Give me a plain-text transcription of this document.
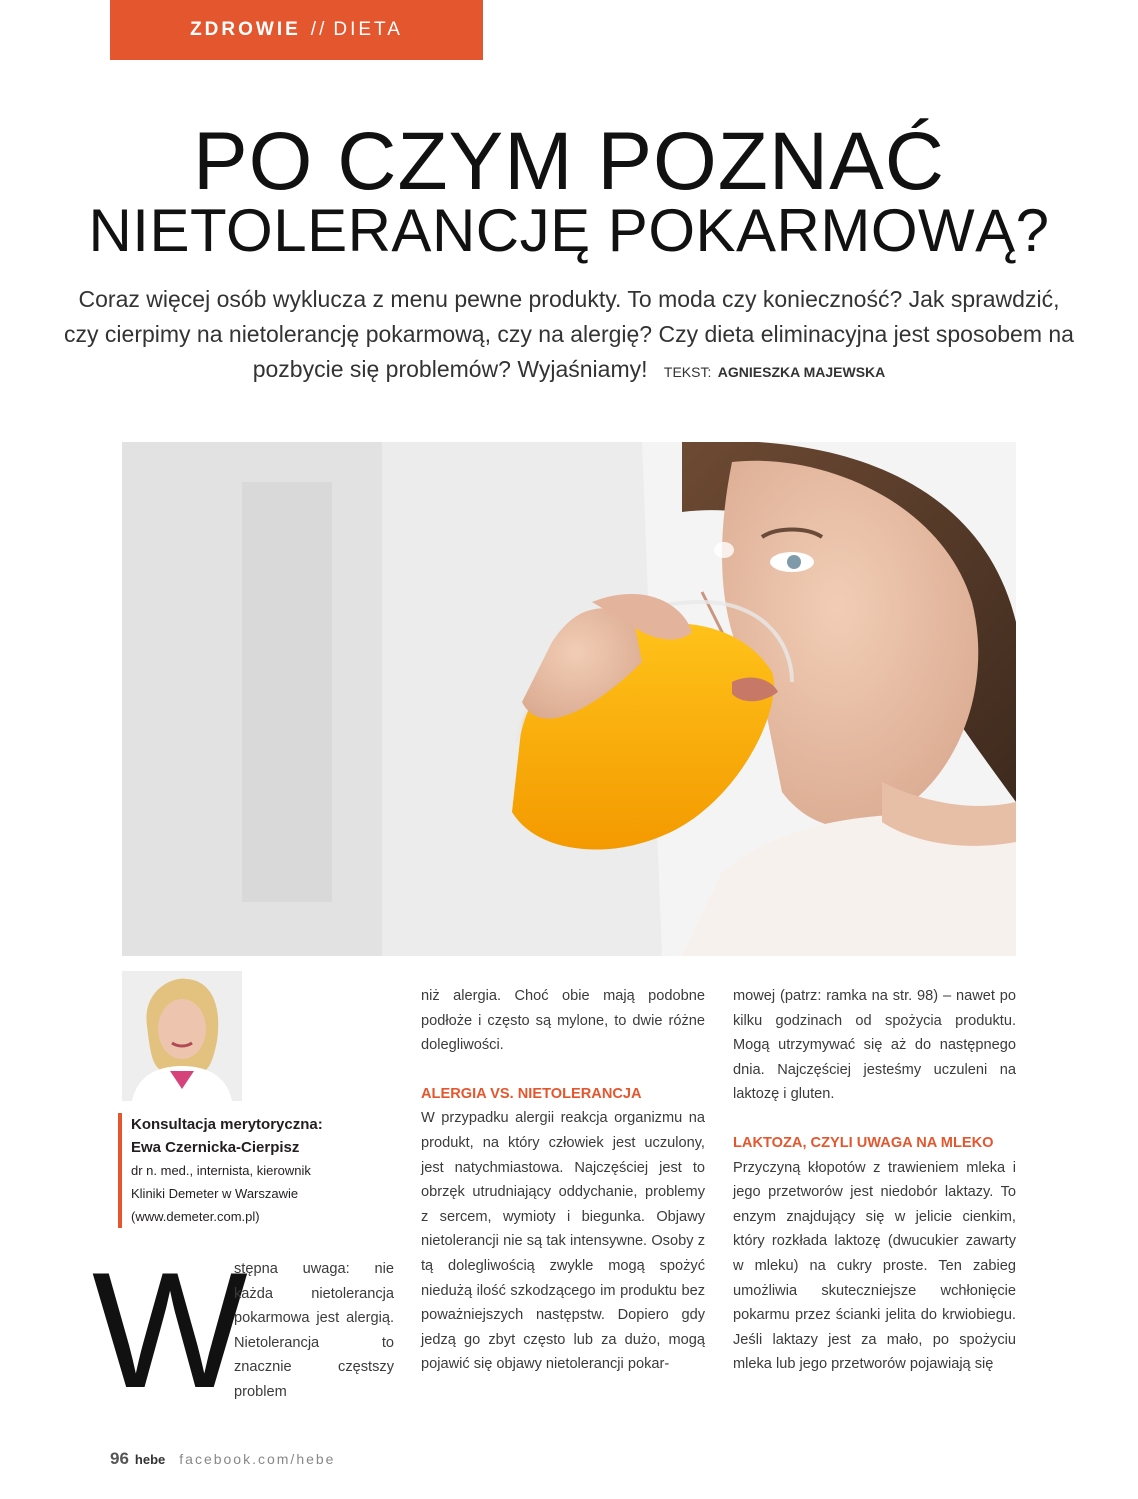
ZDROWIE // DIETA
PO CZYM POZNAĆ
NIETOLERANCJĘ POKARMOWĄ?
Coraz więcej osób wyklucza z menu pewne produkty. To moda czy konieczność? Jak sprawdzić, czy cierpimy na nietolerancję pokarmową, czy na alergię? Czy dieta eliminacyjna jest sposobem na pozbycie się problemów? Wyjaśniamy! TEKST: AGNIESZKA MAJEWSKA
Konsultacja merytoryczna:
Ewa Czernicka-Cierpisz
dr n. med., internista, kierownik
Kliniki Demeter w Warszawie
(www.demeter.com.pl)
W

stępna uwaga: nie każda nietolerancja pokarmowa jest alergią. Nietolerancja to znacznie częstszy problem

niż alergia. Choć obie mają podobne podłoże i często są mylone, to dwie różne dolegliwości.

ALERGIA VS. NIETOLERANCJA

W przypadku alergii reakcja organizmu na produkt, na który człowiek jest uczulony, jest natychmiastowa. Najczęściej jest to obrzęk utrudniający oddychanie, problemy z sercem, wymioty i biegunka. Objawy nietolerancji nie są tak intensywne. Osoby z tą dolegliwością zwykle mogą spożyć niedużą ilość szkodzącego im produktu bez poważniejszych następstw. Dopiero gdy jedzą go zbyt często lub za dużo, mogą pojawić się objawy nietolerancji pokar-

mowej (patrz: ramka na str. 98) – nawet po kilku godzinach od spożycia produktu. Mogą utrzymywać się aż do następnego dnia. Najczęściej jesteśmy uczuleni na laktozę i gluten.

LAKTOZA, CZYLI UWAGA NA MLEKO

Przyczyną kłopotów z trawieniem mleka i jego przetworów jest niedobór laktazy. To enzym znajdujący się w jelicie cienkim, który rozkłada laktozę (dwucukier zawarty w mleku) na cukry proste. Ten zabieg umożliwia skuteczniejsze wchłonięcie pokarmu przez ścianki jelita do krwiobiegu. Jeśli laktazy jest za mało, po spożyciu mleka lub jego przetworów pojawiają się

96 hebe facebook.com/hebe
